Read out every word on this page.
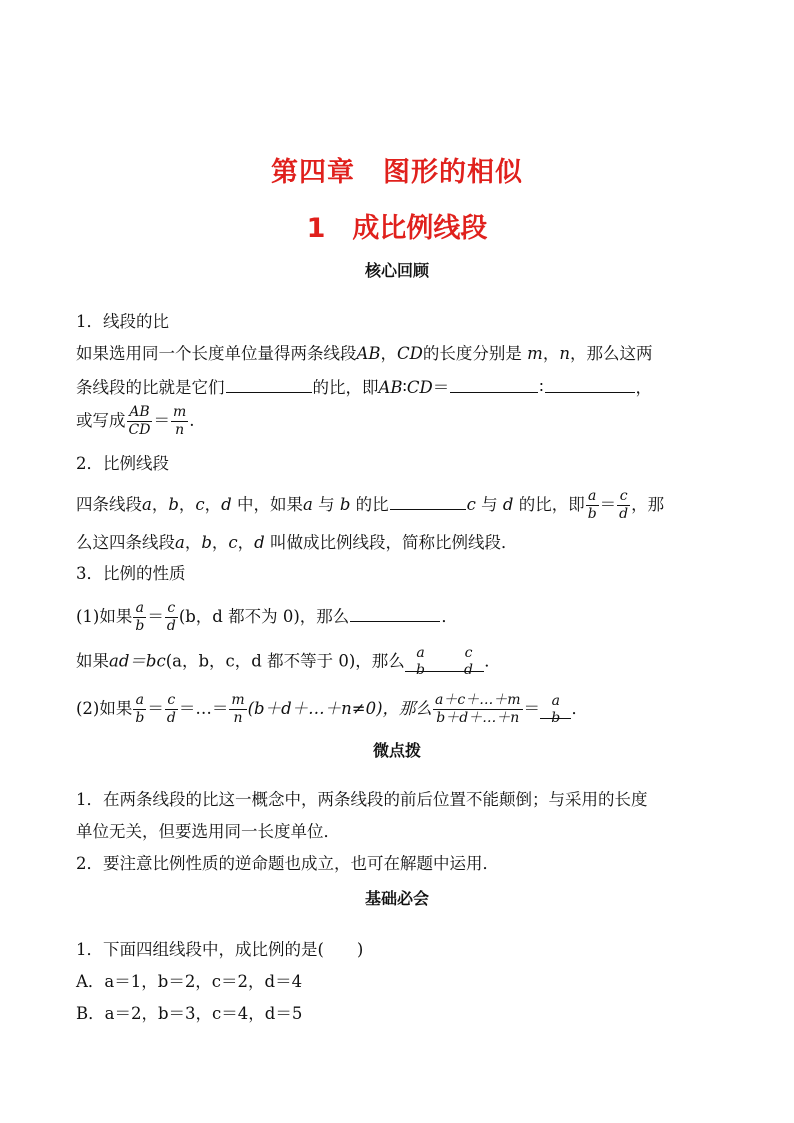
第四章　图形的相似
1　成比例线段
核心回顾
1．线段的比
如果选用同一个长度单位量得两条线段AB，CD的长度分别是 m，n，那么这两
条线段的比就是它们	的比，即AB∶CD＝	∶	，
或写成 $\frac{AB}{CD} = \frac{m}{n}$ .
2．比例线段
四条线段a，b，c，d 中，如果a 与 b 的比	c 与 d 的比，即 $\frac{a}{b} = \frac{c}{d}$ ，那
么这四条线段a，b，c，d 叫做成比例线段，简称比例线段．
3．比例的性质
(1)如果 $\frac{a}{b} = \frac{c}{d} (b$，d 都不为 0)，那么	．
如果ad＝bc(a，b，c，d 都不等于 0)，那么  a
b

c
d
  ．
(2)如果 $\frac{a}{b} = \frac{c}{d}$ ＝…＝ $\frac{m}{n}$ (b＋d＋…＋n≠0)，那么 $\frac{a+c+\dots+m}{b+d+\dots+n}$ ＝  a
b
  ．
微点拨
1．在两条线段的比这一概念中，两条线段的前后位置不能颠倒；与采用的长度
单位无关，但要选用同一长度单位．
2．要注意比例性质的逆命题也成立，也可在解题中运用．
基础必会
1．下面四组线段中，成比例的是(　　)
A．a＝1，b＝2，c＝2，d＝4
B．a＝2，b＝3，c＝4，d＝5
